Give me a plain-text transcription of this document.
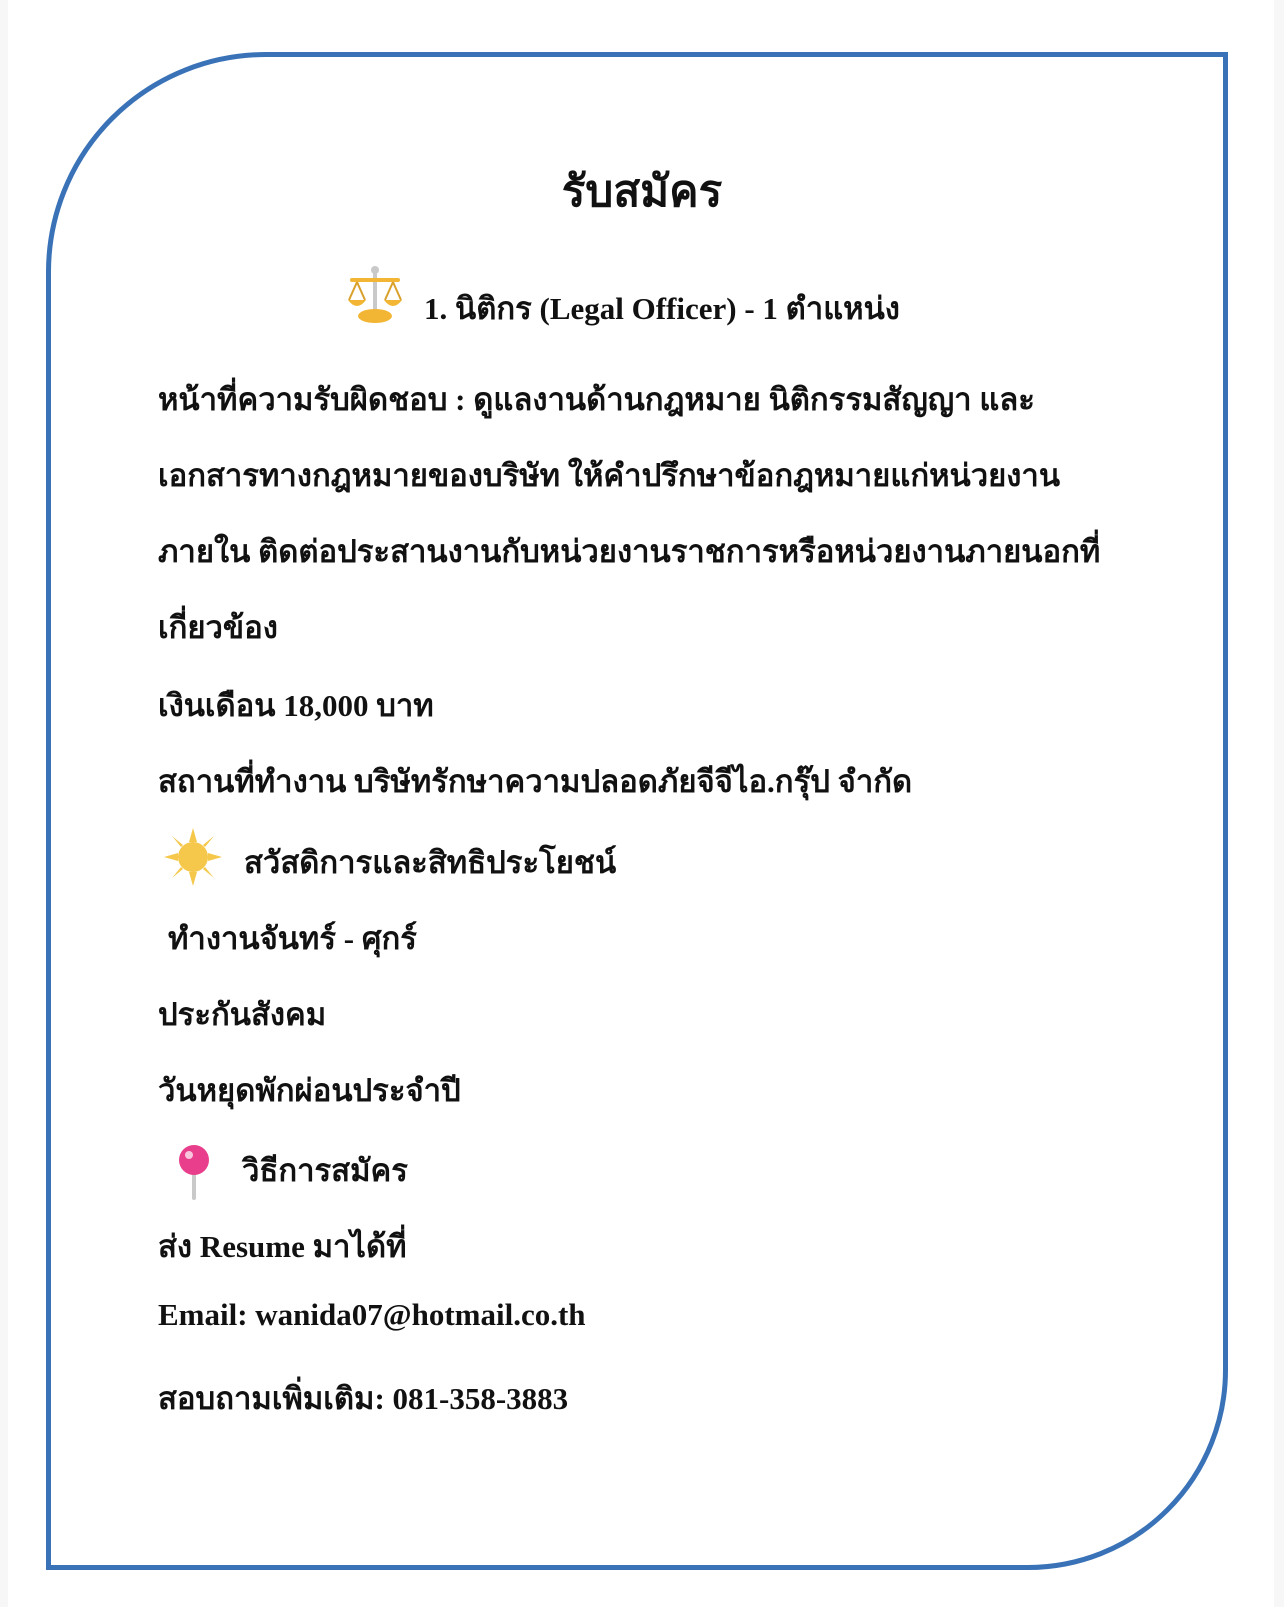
รับสมัคร
1. นิติกร (Legal Officer) - 1 ตำแหน่ง
หน้าที่ความรับผิดชอบ : ดูแลงานด้านกฎหมาย นิติกรรมสัญญา และ
เอกสารทางกฎหมายของบริษัท ให้คำปรึกษาข้อกฎหมายแก่หน่วยงาน
ภายใน ติดต่อประสานงานกับหน่วยงานราชการหรือหน่วยงานภายนอกที่
เกี่ยวข้อง
เงินเดือน 18,000 บาท
สถานที่ทำงาน บริษัทรักษาความปลอดภัยจีจีไอ.กรุ๊ป จำกัด
สวัสดิการและสิทธิประโยชน์
ทำงานจันทร์ - ศุกร์
ประกันสังคม
วันหยุดพักผ่อนประจำปี
วิธีการสมัคร
ส่ง Resume มาได้ที่
Email: wanida07@hotmail.co.th
สอบถามเพิ่มเติม: 081-358-3883
